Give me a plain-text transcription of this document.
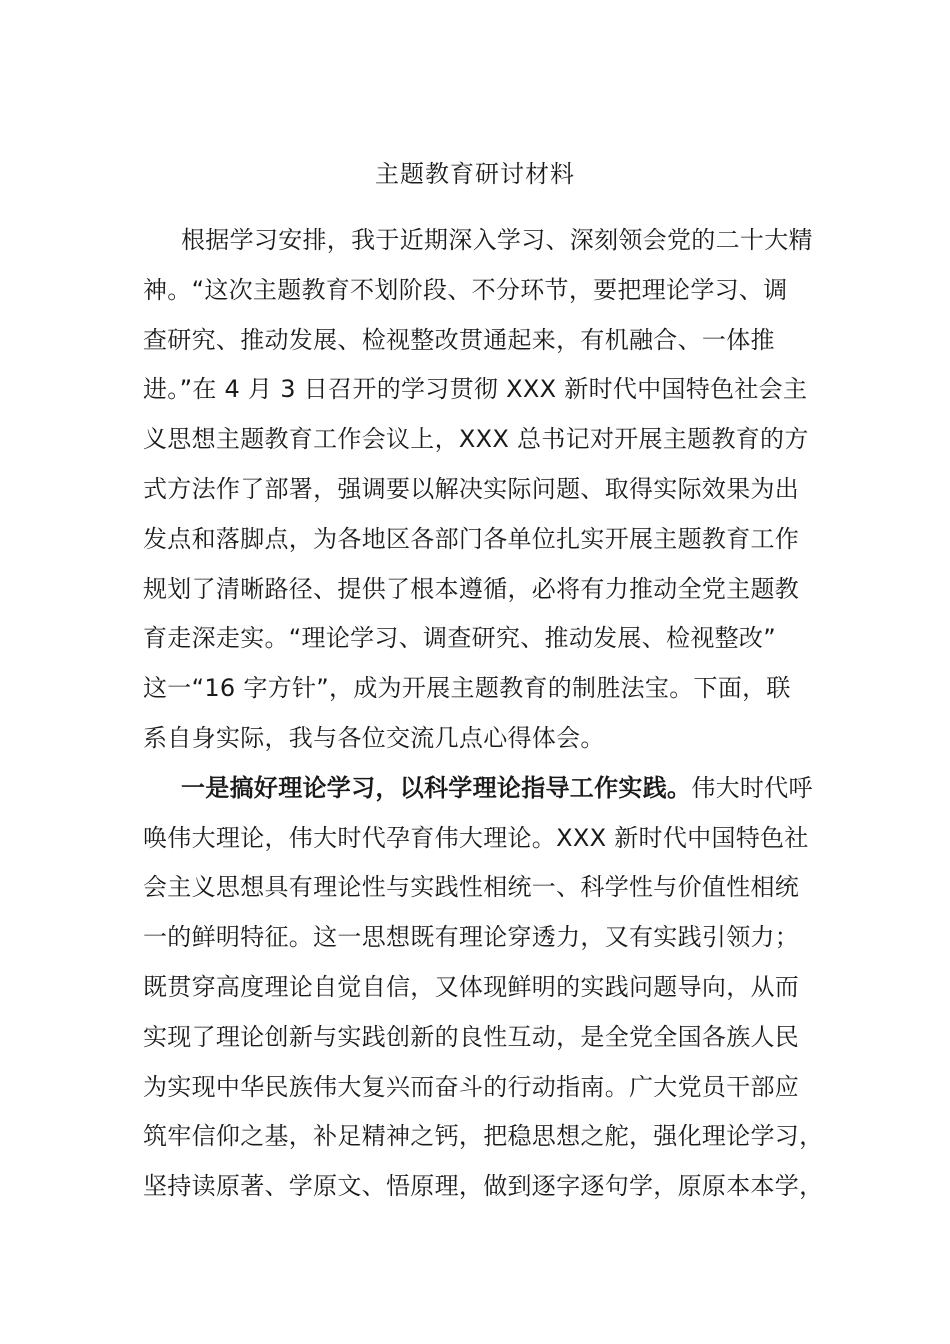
主题教育研讨材料
根据学习安排，我于近期深入学习、深刻领会党的二十大精
神。“这次主题教育不划阶段、不分环节，要把理论学习、调
查研究、推动发展、检视整改贯通起来，有机融合、一体推
进。”在 4 月 3 日召开的学习贯彻 XXX 新时代中国特色社会主
义思想主题教育工作会议上，XXX 总书记对开展主题教育的方
式方法作了部署，强调要以解决实际问题、取得实际效果为出
发点和落脚点，为各地区各部门各单位扎实开展主题教育工作
规划了清晰路径、提供了根本遵循，必将有力推动全党主题教
育走深走实。“理论学习、调查研究、推动发展、检视整改”
这一“16 字方针”，成为开展主题教育的制胜法宝。下面，联
系自身实际，我与各位交流几点心得体会。
一是搞好理论学习，以科学理论指导工作实践。伟大时代呼
唤伟大理论，伟大时代孕育伟大理论。XXX 新时代中国特色社
会主义思想具有理论性与实践性相统一、科学性与价值性相统
一的鲜明特征。这一思想既有理论穿透力，又有实践引领力；
既贯穿高度理论自觉自信，又体现鲜明的实践问题导向，从而
实现了理论创新与实践创新的良性互动，是全党全国各族人民
为实现中华民族伟大复兴而奋斗的行动指南。广大党员干部应
筑牢信仰之基，补足精神之钙，把稳思想之舵，强化理论学习，
坚持读原著、学原文、悟原理，做到逐字逐句学，原原本本学，
